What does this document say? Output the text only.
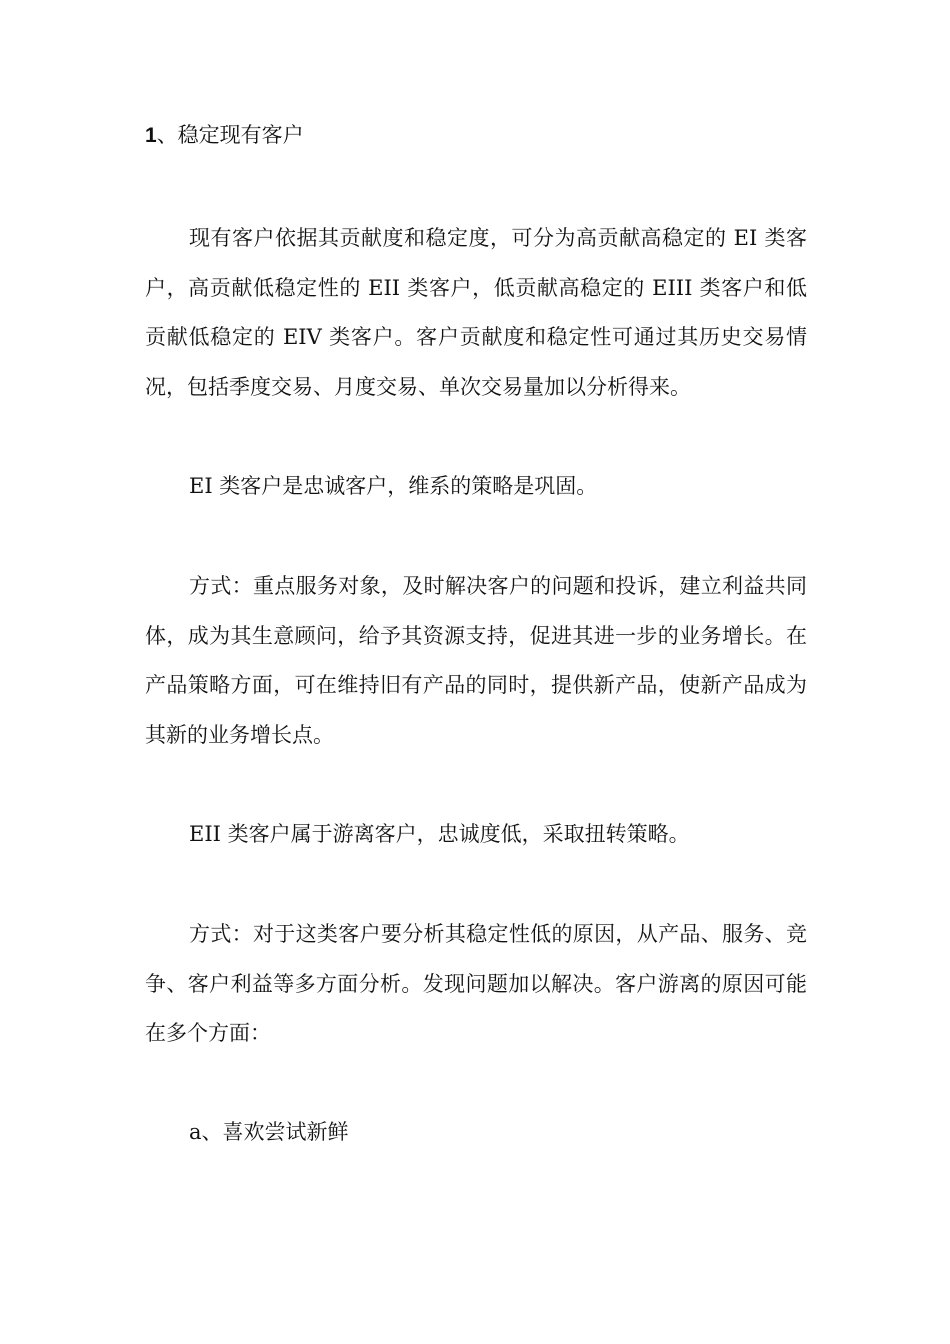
1、稳定现有客户

现有客户依据其贡献度和稳定度，可分为高贡献高稳定的 EI 类客户，高贡献低稳定性的 EII 类客户，低贡献高稳定的 EIII 类客户和低贡献低稳定的 EIV 类客户。客户贡献度和稳定性可通过其历史交易情况，包括季度交易、月度交易、单次交易量加以分析得来。

EI 类客户是忠诚客户，维系的策略是巩固。

方式：重点服务对象，及时解决客户的问题和投诉，建立利益共同体，成为其生意顾问，给予其资源支持，促进其进一步的业务增长。在产品策略方面，可在维持旧有产品的同时，提供新产品，使新产品成为其新的业务增长点。

EII 类客户属于游离客户，忠诚度低，采取扭转策略。

方式：对于这类客户要分析其稳定性低的原因，从产品、服务、竞争、客户利益等多方面分析。发现问题加以解决。客户游离的原因可能在多个方面：

a、喜欢尝试新鲜
